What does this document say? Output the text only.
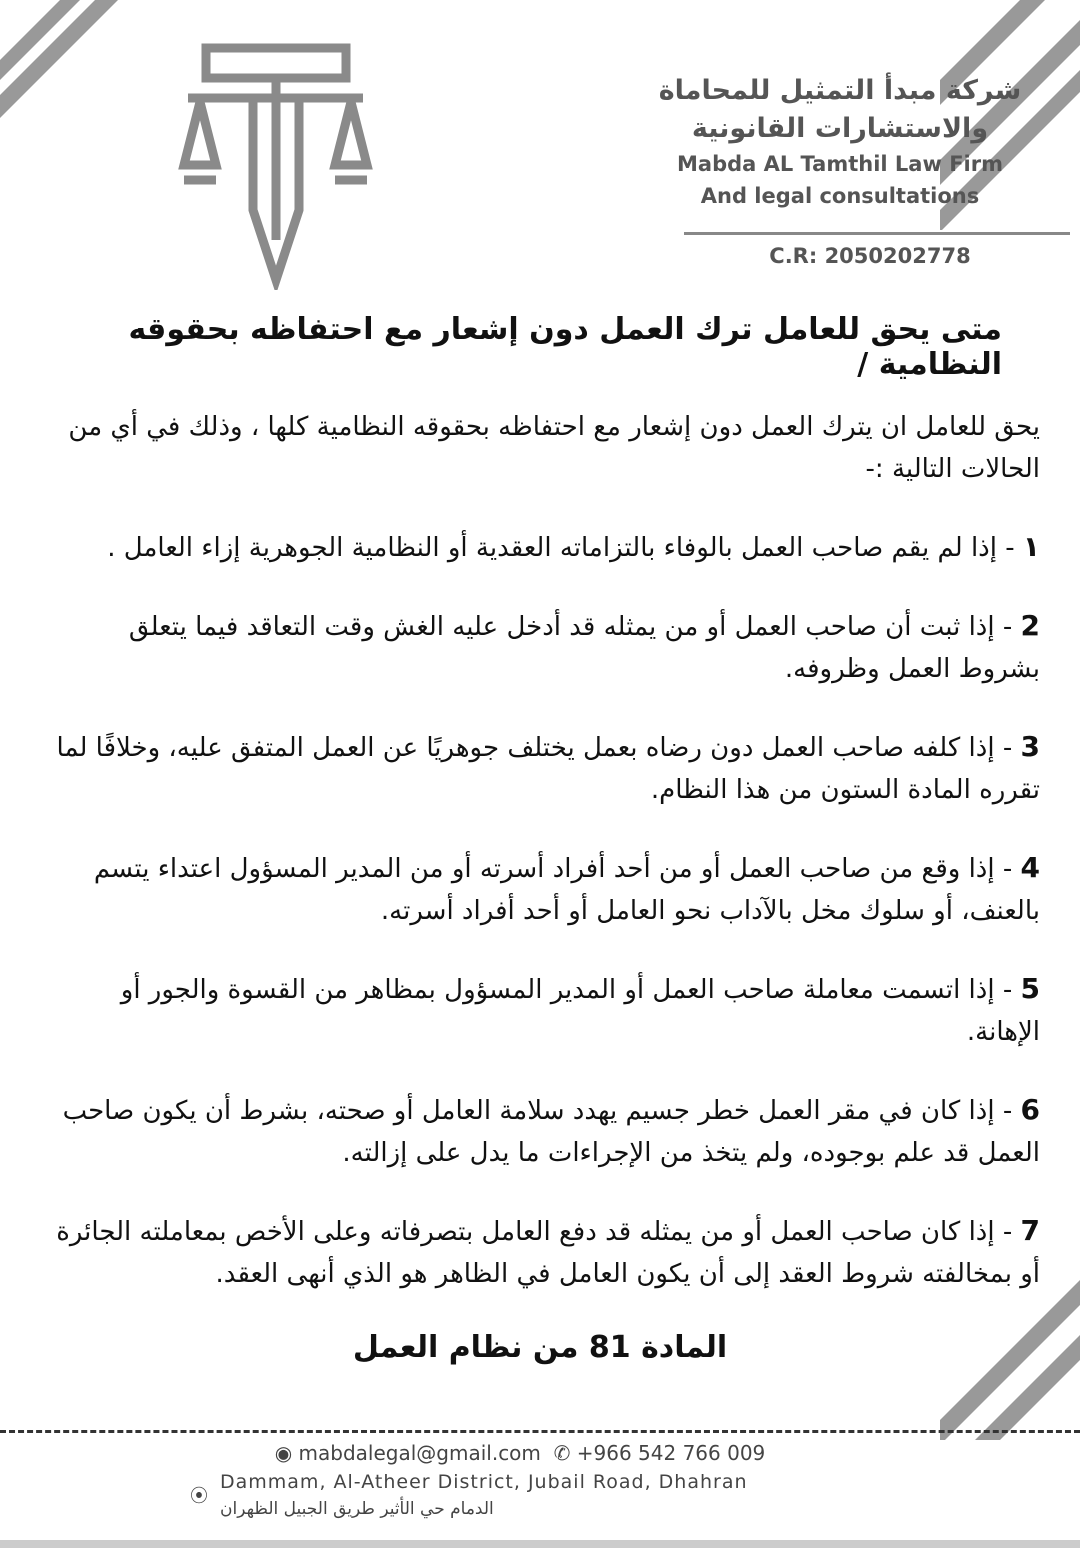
شركة مبدأ التمثيل للمحاماة
والاستشارات القانونية
Mabda AL Tamthil Law Firm
And legal consultations
C.R: 2050202778
متى يحق للعامل ترك العمل دون إشعار مع احتفاظه بحقوقه النظامية /

يحق للعامل ان يترك العمل دون إشعار مع احتفاظه بحقوقه النظامية كلها ، وذلك في أي من الحالات التالية :-

١ - إذا لم يقم صاحب العمل بالوفاء بالتزاماته العقدية أو النظامية الجوهرية إزاء العامل .

2 - إذا ثبت أن صاحب العمل أو من يمثله قد أدخل عليه الغش وقت التعاقد فيما يتعلق بشروط العمل وظروفه.

3 - إذا كلفه صاحب العمل دون رضاه بعمل يختلف جوهريًا عن العمل المتفق عليه، وخلافًا لما تقرره المادة الستون من هذا النظام.

4 - إذا وقع من صاحب العمل أو من أحد أفراد أسرته أو من المدير المسؤول اعتداء يتسم بالعنف، أو سلوك مخل بالآداب نحو العامل أو أحد أفراد أسرته.

5 - إذا اتسمت معاملة صاحب العمل أو المدير المسؤول بمظاهر من القسوة والجور أو الإهانة.

6 - إذا كان في مقر العمل خطر جسيم يهدد سلامة العامل أو صحته، بشرط أن يكون صاحب العمل قد علم بوجوده، ولم يتخذ من الإجراءات ما يدل على إزالته.

7 - إذا كان صاحب العمل أو من يمثله قد دفع العامل بتصرفاته وعلى الأخص بمعاملته الجائرة أو بمخالفته شروط العقد إلى أن يكون العامل في الظاهر هو الذي أنهى العقد.

المادة 81 من نظام العمل
◉ mabdalegal@gmail.com ✆ +966 542 766 009
⦿
Dammam, Al-Atheer District, Jubail Road, Dhahran
الدمام حي الأثير طريق الجبيل الظهران
